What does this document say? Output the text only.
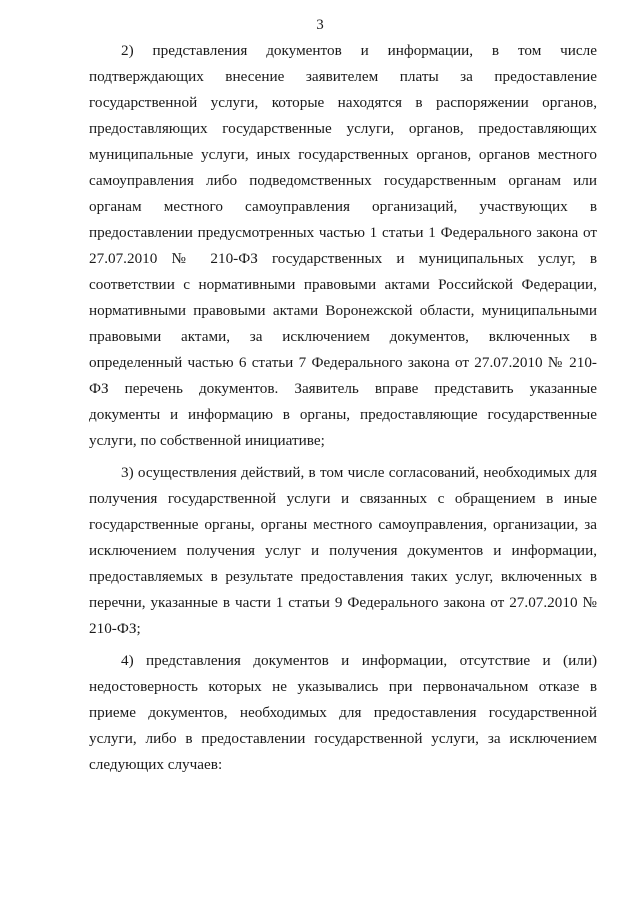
3

2) представления документов и информации, в том числе подтверждающих внесение заявителем платы за предоставление государственной услуги, которые находятся в распоряжении органов, предоставляющих государственные услуги, органов, предоставляющих муниципальные услуги, иных государственных органов, органов местного самоуправления либо подведомственных государственным органам или органам местного самоуправления организаций, участвующих в предоставлении предусмотренных частью 1 статьи 1 Федерального закона от 27.07.2010 № 210-ФЗ государственных и муниципальных услуг, в соответствии с нормативными правовыми актами Российской Федерации, нормативными правовыми актами Воронежской области, муниципальными правовыми актами, за исключением документов, включенных в определенный частью 6 статьи 7 Федерального закона от 27.07.2010 № 210-ФЗ перечень документов. Заявитель вправе представить указанные документы и информацию в органы, предоставляющие государственные услуги, по собственной инициативе;

3) осуществления действий, в том числе согласований, необходимых для получения государственной услуги и связанных с обращением в иные государственные органы, органы местного самоуправления, организации, за исключением получения услуг и получения документов и информации, предоставляемых в результате предоставления таких услуг, включенных в перечни, указанные в части 1 статьи 9 Федерального закона от 27.07.2010 № 210-ФЗ;

4) представления документов и информации, отсутствие и (или) недостоверность которых не указывались при первоначальном отказе в приеме документов, необходимых для предоставления государственной услуги, либо в предоставлении государственной услуги, за исключением следующих случаев:
